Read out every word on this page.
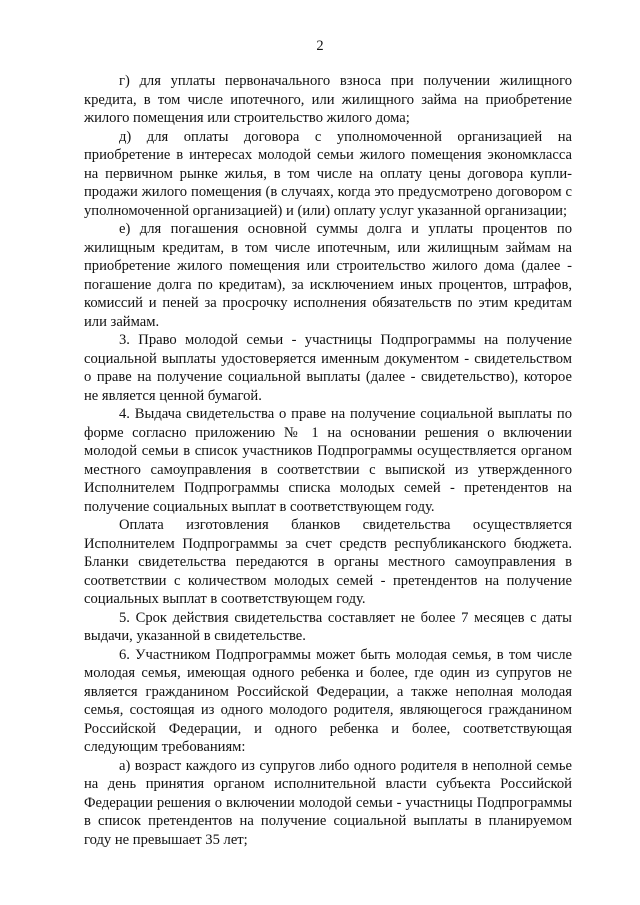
2

г) для уплаты первоначального взноса при получении жилищного кредита, в том числе ипотечного, или жилищного займа на приобретение жилого помещения или строительство жилого дома;

д) для оплаты договора с уполномоченной организацией на приобретение в интересах молодой семьи жилого помещения экономкласса на первичном рынке жилья, в том числе на оплату цены договора купли-продажи жилого помещения (в случаях, когда это предусмотрено договором с уполномоченной организацией) и (или) оплату услуг указанной организации;

е) для погашения основной суммы долга и уплаты процентов по жилищным кредитам, в том числе ипотечным, или жилищным займам на приобретение жилого помещения или строительство жилого дома (далее - погашение долга по кредитам), за исключением иных процентов, штрафов, комиссий и пеней за просрочку исполнения обязательств по этим кредитам или займам.

3. Право молодой семьи - участницы Подпрограммы на получение социальной выплаты удостоверяется именным документом - свидетельством о праве на получение социальной выплаты (далее - свидетельство), которое не является ценной бумагой.

4. Выдача свидетельства о праве на получение социальной выплаты по форме согласно приложению № 1 на основании решения о включении молодой семьи в список участников Подпрограммы осуществляется органом местного самоуправления в соответствии с выпиской из утвержденного Исполнителем Подпрограммы списка молодых семей - претендентов на получение социальных выплат в соответствующем году.

Оплата изготовления бланков свидетельства осуществляется Исполнителем Подпрограммы за счет средств республиканского бюджета. Бланки свидетельства передаются в органы местного самоуправления в соответствии с количеством молодых семей - претендентов на получение социальных выплат в соответствующем году.

5. Срок действия свидетельства составляет не более 7 месяцев с даты выдачи, указанной в свидетельстве.

6. Участником Подпрограммы может быть молодая семья, в том числе молодая семья, имеющая одного ребенка и более, где один из супругов не является гражданином Российской Федерации, а также неполная молодая семья, состоящая из одного молодого родителя, являющегося гражданином Российской Федерации, и одного ребенка и более, соответствующая следующим требованиям:

а) возраст каждого из супругов либо одного родителя в неполной семье на день принятия органом исполнительной власти субъекта Российской Федерации решения о включении молодой семьи - участницы Подпрограммы в список претендентов на получение социальной выплаты в планируемом году не превышает 35 лет;
